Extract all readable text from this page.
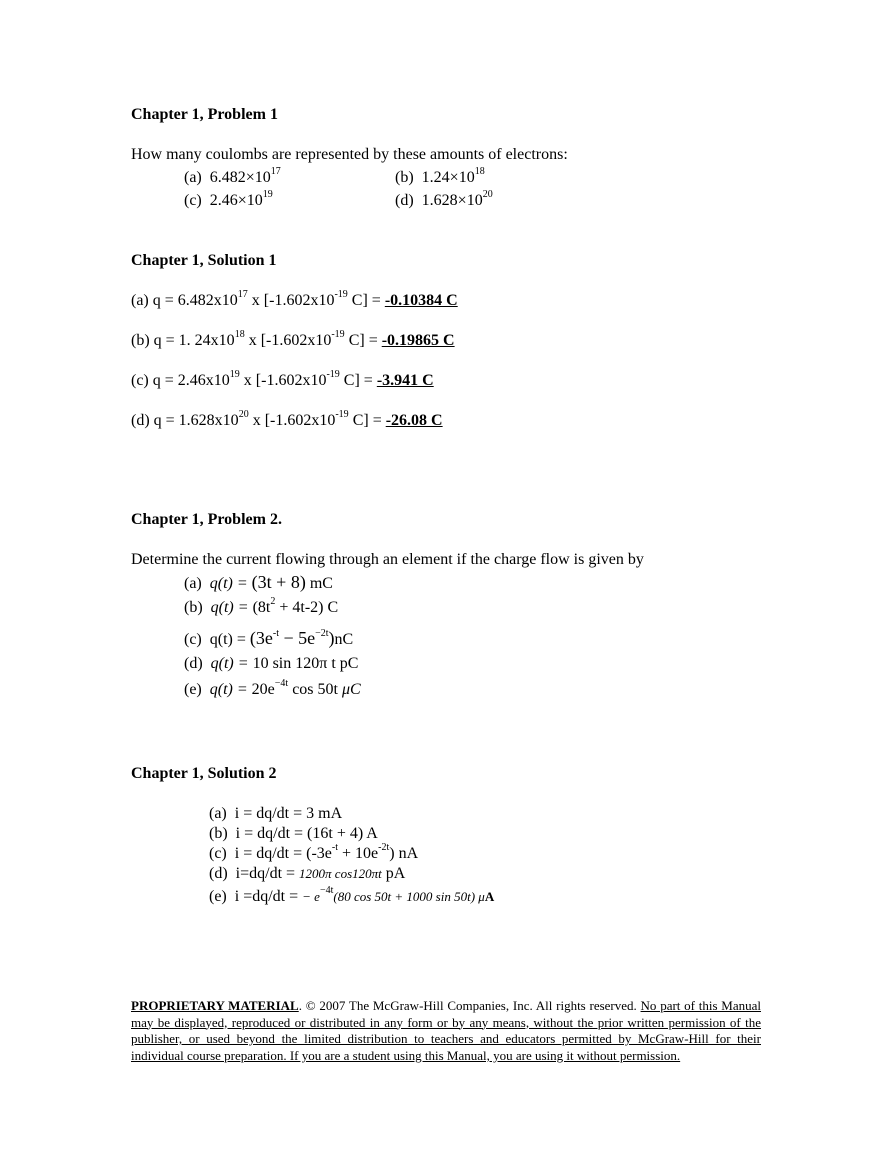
Chapter 1, Problem 1
How many coulombs are represented by these amounts of electrons:
(a) $6.482\times 10^{17}$	(b) $1.24\times 10^{18}$
(c) $2.46\times 10^{19}$	(d) $1.628\times 10^{20}$
Chapter 1, Solution 1
(a) $q = 6.482x10^{17}$ x [$-1.602x10^{-19}$ C] = -0.10384 C
(b) q = 1. $24x10^{18}$ x [$-1.602x10^{-19}$ C] = -0.19865 C
(c) $q = 2.46x10^{19}$ x [$-1.602x10^{-19}$ C] = -3.941 C
(d) $q = 1.628x10^{20}$ x [$-1.602x10^{-19}$ C] = -26.08 C
Chapter 1, Problem 2.
Determine the current flowing through an element if the charge flow is given by
(a) q(t) = (3t + 8) mC
(b) $q(t) = (8t^2 + 4t-2)$ C
(c) $q(t) = (3e^{-t} - 5e^{-2t})nC$
(d) q(t) = 10 sin 120π t pC
(e) $q(t) = 20e^{-4t}$ cos 50t μC
Chapter 1, Solution 2
(a) i = dq/dt = 3 mA
(b) i = dq/dt = (16t + 4) A
(c) $i = dq/dt = (-3e^{-t} + 10e^{-2t})$ nA
(d) i=dq/dt = 1200π cos120πt pA
(e) i =dq/dt = − $e^{-4t}(80$ cos 50t + 1000 sin 50t) μA
PROPRIETARY MATERIAL. © 2007 The McGraw-Hill Companies, Inc. All rights reserved. No part of this Manual may be displayed, reproduced or distributed in any form or by any means, without the prior written permission of the publisher, or used beyond the limited distribution to teachers and educators permitted by McGraw-Hill for their individual course preparation. If you are a student using this Manual, you are using it without permission.
